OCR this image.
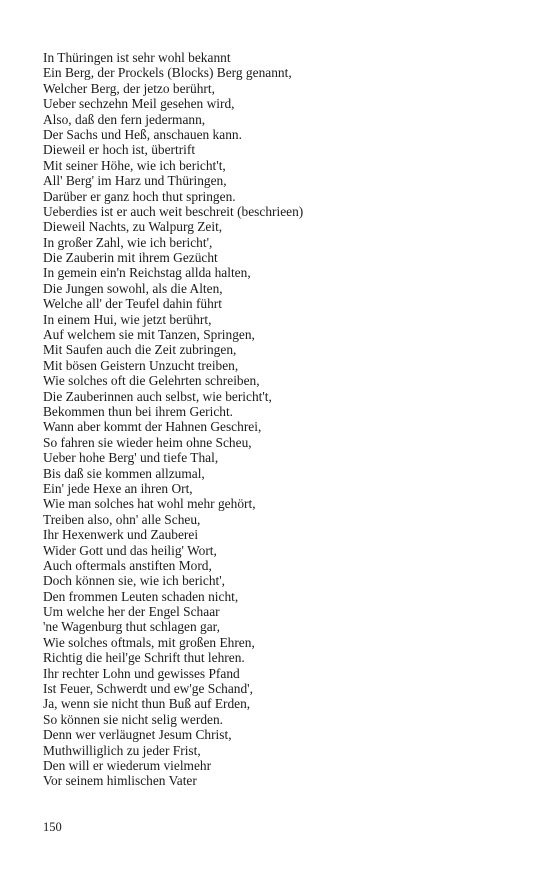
In Thüringen ist sehr wohl bekannt
Ein Berg, der Prockels (Blocks) Berg genannt,
Welcher Berg, der jetzo berührt,
Ueber sechzehn Meil gesehen wird,
Also, daß den fern jedermann,
Der Sachs und Heß, anschauen kann.
Dieweil er hoch ist, übertrift
Mit seiner Höhe, wie ich bericht't,
All' Berg' im Harz und Thüringen,
Darüber er ganz hoch thut springen.
Ueberdies ist er auch weit beschreit (beschrieen)
Dieweil Nachts, zu Walpurg Zeit,
In großer Zahl, wie ich bericht',
Die Zauberin mit ihrem Gezücht
In gemein ein'n Reichstag allda halten,
Die Jungen sowohl, als die Alten,
Welche all' der Teufel dahin führt
In einem Hui, wie jetzt berührt,
Auf welchem sie mit Tanzen, Springen,
Mit Saufen auch die Zeit zubringen,
Mit bösen Geistern Unzucht treiben,
Wie solches oft die Gelehrten schreiben,
Die Zauberinnen auch selbst, wie bericht't,
Bekommen thun bei ihrem Gericht.
Wann aber kommt der Hahnen Geschrei,
So fahren sie wieder heim ohne Scheu,
Ueber hohe Berg' und tiefe Thal,
Bis daß sie kommen allzumal,
Ein' jede Hexe an ihren Ort,
Wie man solches hat wohl mehr gehört,
Treiben also, ohn' alle Scheu,
Ihr Hexenwerk und Zauberei
Wider Gott und das heilig' Wort,
Auch oftermals anstiften Mord,
Doch können sie, wie ich bericht',
Den frommen Leuten schaden nicht,
Um welche her der Engel Schaar
'ne Wagenburg thut schlagen gar,
Wie solches oftmals, mit großen Ehren,
Richtig die heil'ge Schrift thut lehren.
Ihr rechter Lohn und gewisses Pfand
Ist Feuer, Schwerdt und ew'ge Schand',
Ja, wenn sie nicht thun Buß auf Erden,
So können sie nicht selig werden.
Denn wer verläugnet Jesum Christ,
Muthwilliglich zu jeder Frist,
Den will er wiederum vielmehr
Vor seinem himlischen Vater
150
